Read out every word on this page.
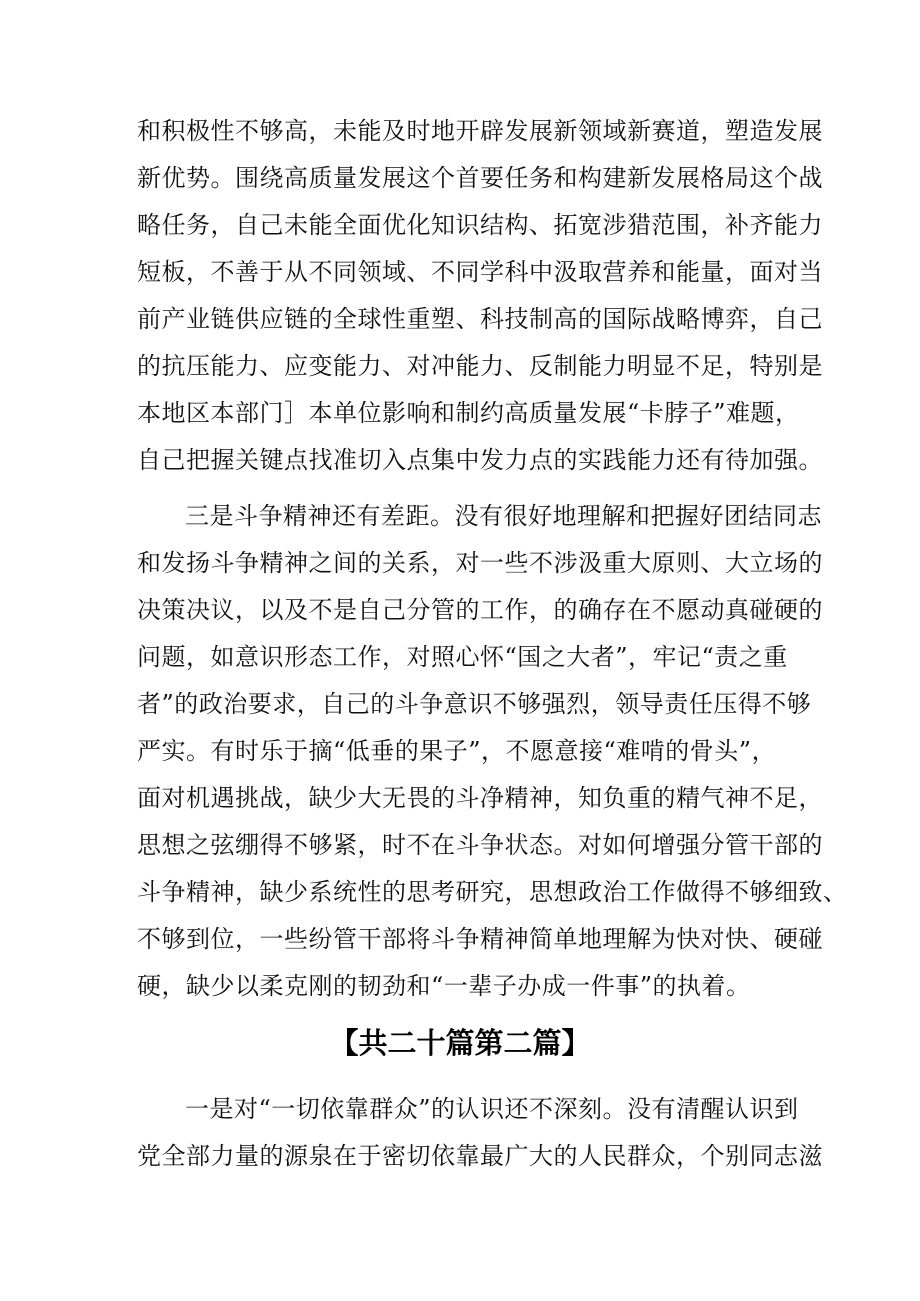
和积极性不够高，未能及时地开辟发展新领域新赛道，塑造发展
新优势。围绕高质量发展这个首要任务和构建新发展格局这个战
略任务，自己未能全面优化知识结构、拓宽涉猎范围，补齐能力
短板，不善于从不同领域、不同学科中汲取营养和能量，面对当
前产业链供应链的全球性重塑、科技制高的国际战略博弈，自己
的抗压能力、应变能力、对冲能力、反制能力明显不足，特别是
本地区本部门］本单位影响和制约高质量发展“卡脖子”难题，
自己把握关键点找准切入点集中发力点的实践能力还有待加强。
三是斗争精神还有差距。没有很好地理解和把握好团结同志
和发扬斗争精神之间的关系，对一些不涉汲重大原则、大立场的
决策决议，以及不是自己分管的工作，的确存在不愿动真碰硬的
问题，如意识形态工作，对照心怀“国之大者”，牢记“责之重
者”的政治要求，自己的斗争意识不够强烈，领导责任压得不够
严实。有时乐于摘“低垂的果子”，不愿意接“难啃的骨头”，
面对机遇挑战，缺少大无畏的斗净精神，知负重的精气神不足，
思想之弦绷得不够紧，时不在斗争状态。对如何增强分管干部的
斗争精神，缺少系统性的思考研究，思想政治工作做得不够细致、
不够到位，一些纷管干部将斗争精神简单地理解为快对快、硬碰
硬，缺少以柔克刚的韧劲和“一辈子办成一件事”的执着。
【共二十篇第二篇】
一是对“一切依靠群众”的认识还不深刻。没有清醒认识到
党全部力量的源泉在于密切依靠最广大的人民群众，个别同志滋
